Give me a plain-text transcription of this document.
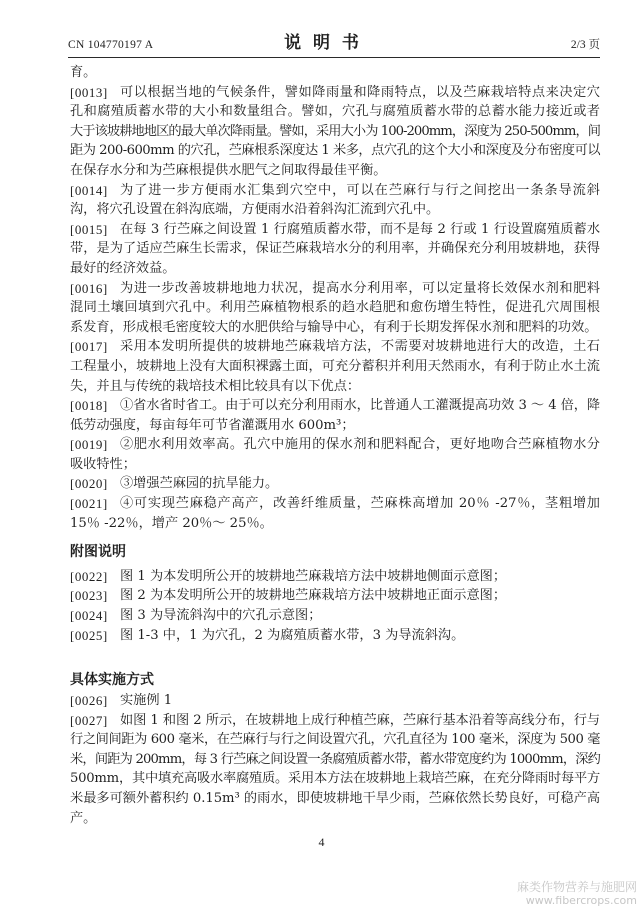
CN 104770197 A	说 明 书	2/3 页
育。
[0013] 可以根据当地的气候条件，譬如降雨量和降雨特点，以及苎麻栽培特点来决定穴
孔和腐殖质蓄水带的大小和数量组合。譬如，穴孔与腐殖质蓄水带的总蓄水能力接近或者
大于该坡耕地地区的最大单次降雨量。譬如，采用大小为 100-200mm，深度为 250-500mm，间
距为 200-600mm 的穴孔，苎麻根系深度达 1 米多，点穴孔的这个大小和深度及分布密度可以
在保存水分和为苎麻根提供水肥气之间取得最佳平衡。
[0014] 为了进一步方便雨水汇集到穴空中，可以在苎麻行与行之间挖出一条条导流斜
沟，将穴孔设置在斜沟底端，方便雨水沿着斜沟汇流到穴孔中。
[0015] 在每 3 行苎麻之间设置 1 行腐殖质蓄水带，而不是每 2 行或 1 行设置腐殖质蓄水
带，是为了适应苎麻生长需求，保证苎麻栽培水分的利用率，并确保充分利用坡耕地，获得
最好的经济效益。
[0016] 为进一步改善坡耕地地力状况，提高水分利用率，可以定量将长效保水剂和肥料
混同土壤回填到穴孔中。利用苎麻植物根系的趋水趋肥和愈伤增生特性，促进孔穴周围根
系发育，形成根毛密度较大的水肥供给与输导中心，有利于长期发挥保水剂和肥料的功效。
[0017] 采用本发明所提供的坡耕地苎麻栽培方法，不需要对坡耕地进行大的改造，土石
工程量小，坡耕地上没有大面积裸露土面，可充分蓄积并利用天然雨水，有利于防止水土流
失，并且与传统的栽培技术相比较具有以下优点：
[0018] ①省水省时省工。由于可以充分利用雨水，比普通人工灌溉提高功效 3 ～ 4 倍，降
低劳动强度，每亩每年可节省灌溉用水 600m³；
[0019] ②肥水利用效率高。孔穴中施用的保水剂和肥料配合，更好地吻合苎麻植物水分
吸收特性；
[0020] ③增强苎麻园的抗旱能力。
[0021] ④可实现苎麻稳产高产，改善纤维质量，苎麻株高增加 20％ -27％，茎粗增加
15％ -22％，增产 20％～ 25％。
附图说明
[0022] 图 1 为本发明所公开的坡耕地苎麻栽培方法中坡耕地侧面示意图；
[0023] 图 2 为本发明所公开的坡耕地苎麻栽培方法中坡耕地正面示意图；
[0024] 图 3 为导流斜沟中的穴孔示意图；
[0025] 图 1-3 中，1 为穴孔，2 为腐殖质蓄水带，3 为导流斜沟。
具体实施方式
[0026] 实施例 1
[0027] 如图 1 和图 2 所示，在坡耕地上成行种植苎麻，苎麻行基本沿着等高线分布，行与
行之间间距为 600 毫米，在苎麻行与行之间设置穴孔，穴孔直径为 100 毫米，深度为 500 毫
米，间距为 200mm，每 3 行苎麻之间设置一条腐殖质蓄水带，蓄水带宽度约为 1000mm，深约
500mm，其中填充高吸水率腐殖质。采用本方法在坡耕地上栽培苎麻，在充分降雨时每平方
米最多可额外蓄积约 0.15m³ 的雨水，即使坡耕地干旱少雨，苎麻依然长势良好，可稳产高
产。
4
麻类作物营养与施肥网
www.fibercrops.com
